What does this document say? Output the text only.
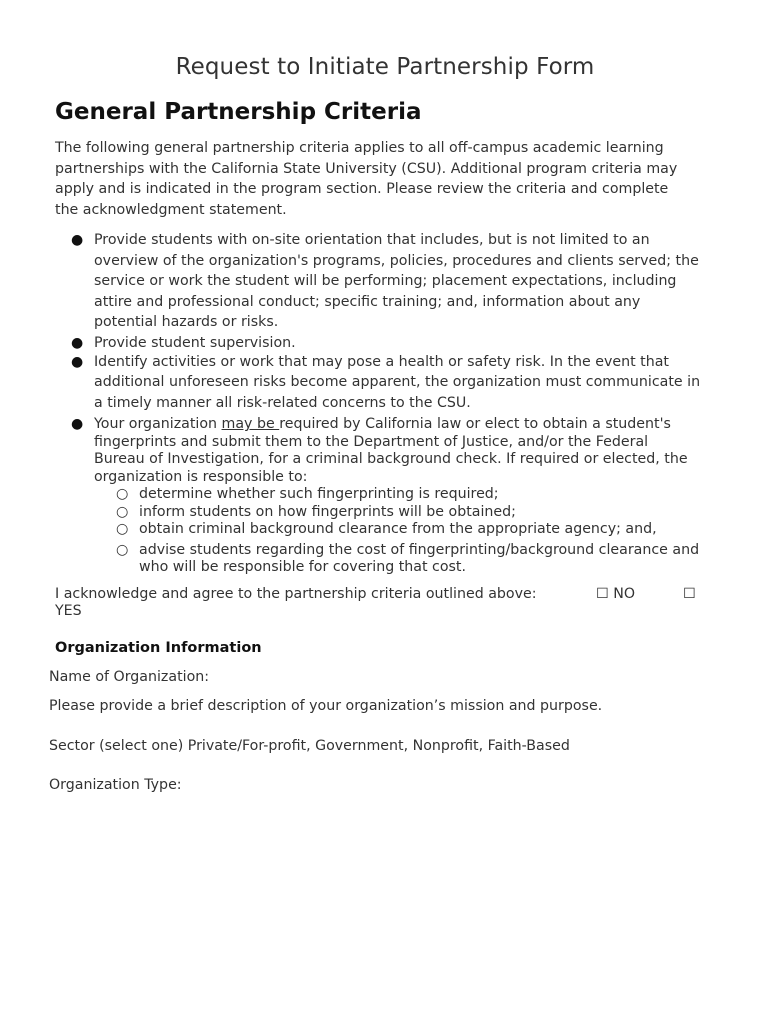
Request to Initiate Partnership Form
General Partnership Criteria
The following general partnership criteria applies to all off-campus academic learning
partnerships with the California State University (CSU). Additional program criteria may
apply and is indicated in the program section. Please review the criteria and complete
the acknowledgment statement.
● Provide students with on-site orientation that includes, but is not limited to an
overview of the organization's programs, policies, procedures and clients served; the
service or work the student will be performing; placement expectations, including
attire and professional conduct; specific training; and, information about any
potential hazards or risks.
● Provide student supervision.
● Identify activities or work that may pose a health or safety risk. In the event that
additional unforeseen risks become apparent, the organization must communicate in
a timely manner all risk-related concerns to the CSU.
● Your organization may be required by California law or elect to obtain a student's
fingerprints and submit them to the Department of Justice, and/or the Federal
Bureau of Investigation, for a criminal background check. If required or elected, the
organization is responsible to:
○ determine whether such fingerprinting is required;
○ inform students on how fingerprints will be obtained;
○ obtain criminal background clearance from the appropriate agency; and,
○ advise students regarding the cost of fingerprinting/background clearance and
who will be responsible for covering that cost.
I acknowledge and agree to the partnership criteria outlined above:	☐ NO	☐
YES
Organization Information
Name of Organization:
Please provide a brief description of your organization’s mission and purpose.
Sector (select one) Private/For-profit, Government, Nonprofit, Faith-Based
Organization Type:
